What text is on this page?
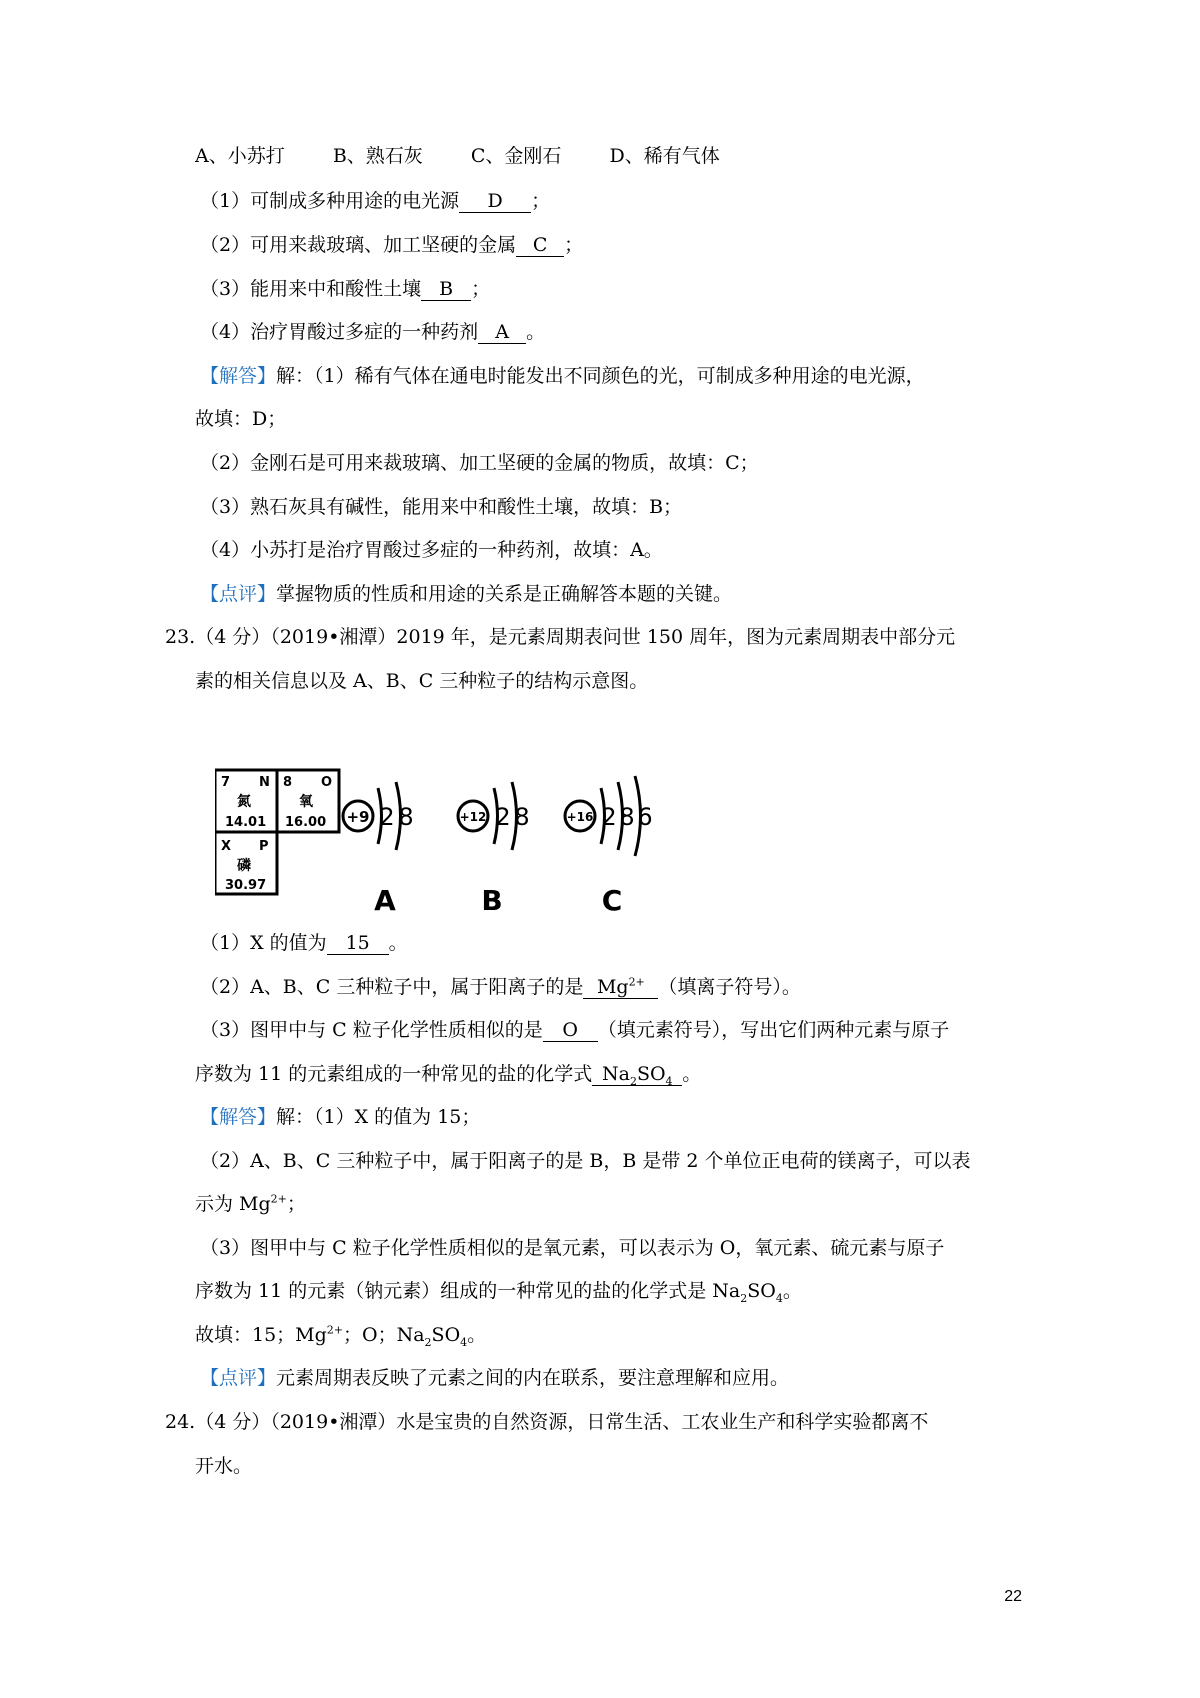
A、小苏打	B、熟石灰	C、金刚石	D、稀有气体
（1）可制成多种用途的电光源 D ；
（2）可用来裁玻璃、加工坚硬的金属 C ；
（3）能用来中和酸性土壤 B ；
（4）治疗胃酸过多症的一种药剂 A 。
【解答】解：（1）稀有气体在通电时能发出不同颜色的光，可制成多种用途的电光源，
故填：D；
（2）金刚石是可用来裁玻璃、加工坚硬的金属的物质，故填：C；
（3）熟石灰具有碱性，能用来中和酸性土壤，故填：B；
（4）小苏打是治疗胃酸过多症的一种药剂，故填：A。
【点评】掌握物质的性质和用途的关系是正确解答本题的关键。
23.（4 分）（2019•湘潭）2019 年，是元素周期表问世 150 周年，图为元素周期表中部分元
素的相关信息以及 A、B、C 三种粒子的结构示意图。
7 N
氮
14.01
8 O
氧
16.00
X P
磷
30.97
+9 2 8
A
+12 2 8
B
+16 2 8 6
C
（1）X 的值为 15 。
（2）A、B、C 三种粒子中，属于阳离子的是 $Mg^{2+}$ （填离子符号）。
（3）图甲中与 C 粒子化学性质相似的是 O （填元素符号），写出它们两种元素与原子
序数为 11 的元素组成的一种常见的盐的化学式 $Na_2SO_4$ 。
【解答】解：（1）X 的值为 15；
（2）A、B、C 三种粒子中，属于阳离子的是 B，B 是带 2 个单位正电荷的镁离子，可以表
示为 $Mg^{2+}$；
（3）图甲中与 C 粒子化学性质相似的是氧元素，可以表示为 O，氧元素、硫元素与原子
序数为 11 的元素（钠元素）组成的一种常见的盐的化学式是 $Na_2SO_4$。
故填：15；$Mg^{2+}$；O；$Na_2SO_4$。
【点评】元素周期表反映了元素之间的内在联系，要注意理解和应用。
24.（4 分）（2019•湘潭）水是宝贵的自然资源，日常生活、工农业生产和科学实验都离不
开水。
22
